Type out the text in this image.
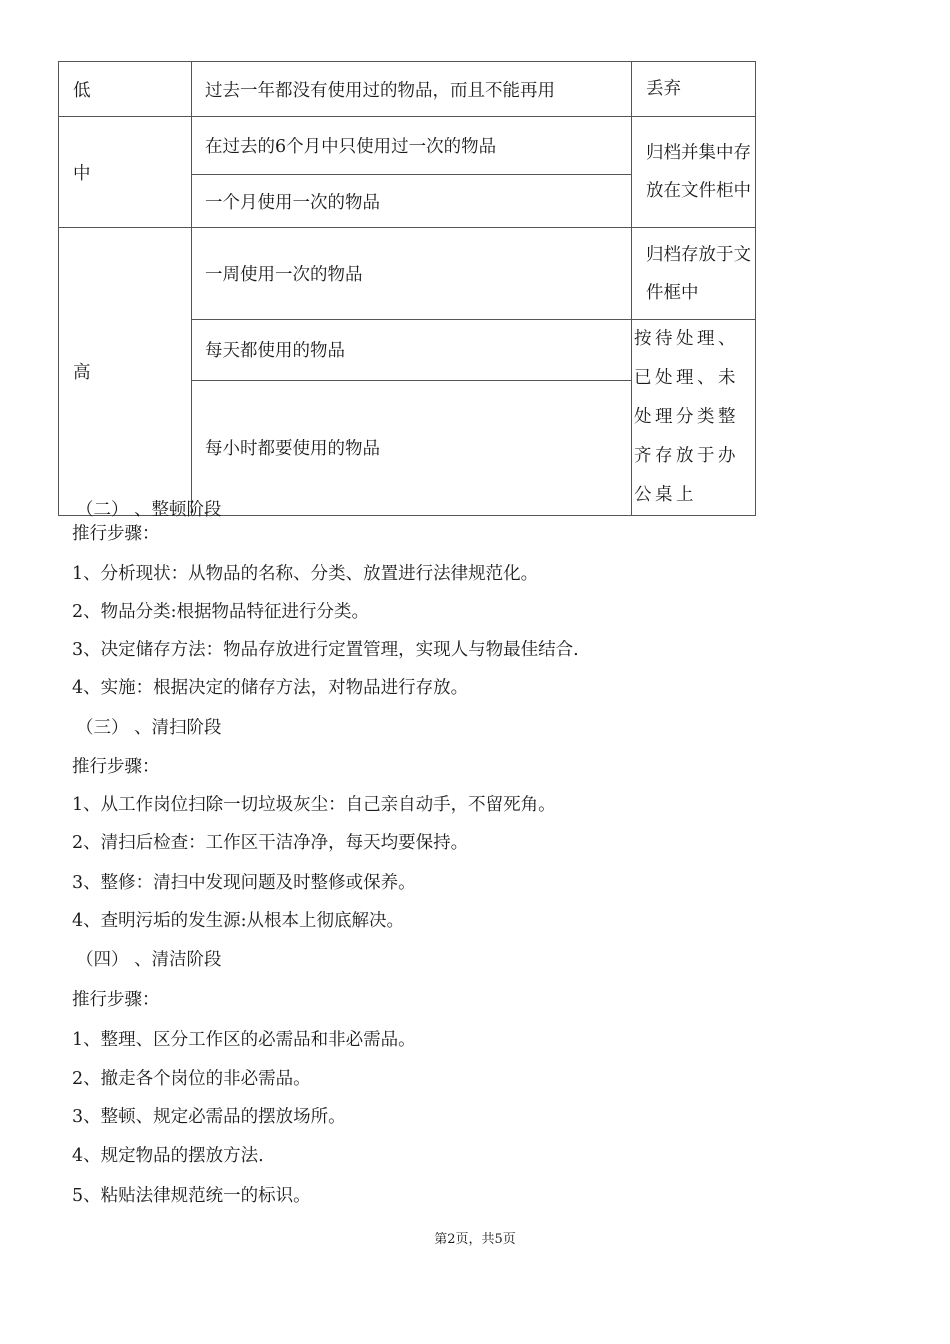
低	过去一年都没有使用过的物品，而且不能再用	丢弃
中	在过去的6个月中只使用过一次的物品	归档并集中存放在文件柜中
	一个月使用一次的物品	
高	一周使用一次的物品	归档存放于文件框中
	每天都使用的物品	按待处理、已处理、未处理分类整齐存放于办公桌上
	每小时都要使用的物品	
（二） 、整顿阶段
推行步骤：
1、分析现状：从物品的名称、分类、放置进行法律规范化。
2、物品分类:根据物品特征进行分类。
3、决定储存方法：物品存放进行定置管理，实现人与物最佳结合.
4、实施：根据决定的储存方法，对物品进行存放。
（三） 、清扫阶段
推行步骤：
1、从工作岗位扫除一切垃圾灰尘：自己亲自动手，不留死角。
2、清扫后检查：工作区干洁净净，每天均要保持。
3、整修：清扫中发现问题及时整修或保养。
4、查明污垢的发生源:从根本上彻底解决。
（四） 、清洁阶段
推行步骤：
1、整理、区分工作区的必需品和非必需品。
2、撤走各个岗位的非必需品。
3、整顿、规定必需品的摆放场所。
4、规定物品的摆放方法.
5、粘贴法律规范统一的标识。
第2页，共5页
